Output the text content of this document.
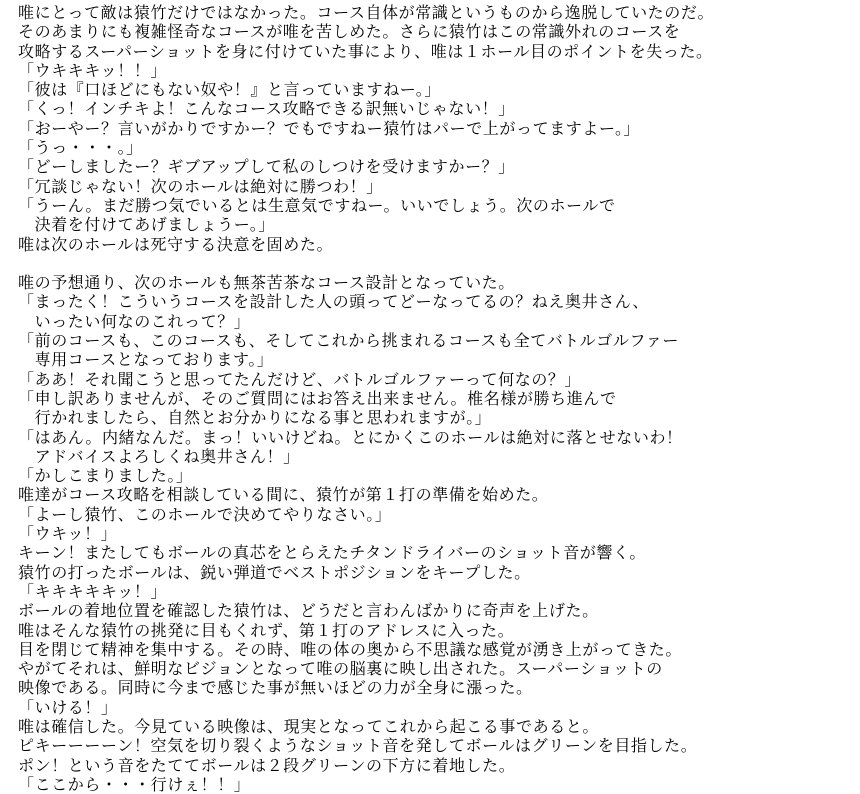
唯にとって敵は猿竹だけではなかった。コース自体が常識というものから逸脱していたのだ。
そのあまりにも複雑怪奇なコースが唯を苦しめた。さらに猿竹はこの常識外れのコースを
攻略するスーパーショットを身に付けていた事により、唯は１ホール目のポイントを失った。
「ウキキキッ！！」
「彼は『口ほどにもない奴や！』と言っていますねー。」
「くっ！インチキよ！こんなコース攻略できる訳無いじゃない！」
「おーやー？言いがかりですかー？でもですねー猿竹はパーで上がってますよー。」
「うっ・・・。」
「どーしましたー？ギブアップして私のしつけを受けますかー？」
「冗談じゃない！次のホールは絶対に勝つわ！」
「うーん。まだ勝つ気でいるとは生意気ですねー。いいでしょう。次のホールで
　決着を付けてあげましょうー。」
唯は次のホールは死守する決意を固めた。
唯の予想通り、次のホールも無茶苦茶なコース設計となっていた。
「まったく！こういうコースを設計した人の頭ってどーなってるの？ねえ奥井さん、
　いったい何なのこれって？」
「前のコースも、このコースも、そしてこれから挑まれるコースも全てバトルゴルファー
　専用コースとなっております。」
「ああ！それ聞こうと思ってたんだけど、バトルゴルファーって何なの？」
「申し訳ありませんが、そのご質問にはお答え出来ません。椎名様が勝ち進んで
　行かれましたら、自然とお分かりになる事と思われますが。」
「はあん。内緒なんだ。まっ！いいけどね。とにかくこのホールは絶対に落とせないわ！
　アドバイスよろしくね奥井さん！」
「かしこまりました。」
唯達がコース攻略を相談している間に、猿竹が第１打の準備を始めた。
「よーし猿竹、このホールで決めてやりなさい。」
「ウキッ！」
キーン！またしてもボールの真芯をとらえたチタンドライバーのショット音が響く。
猿竹の打ったボールは、鋭い弾道でベストポジションをキープした。
「キキキキキッ！」
ボールの着地位置を確認した猿竹は、どうだと言わんばかりに奇声を上げた。
唯はそんな猿竹の挑発に目もくれず、第１打のアドレスに入った。
目を閉じて精神を集中する。その時、唯の体の奥から不思議な感覚が湧き上がってきた。
やがてそれは、鮮明なビジョンとなって唯の脳裏に映し出された。スーパーショットの
映像である。同時に今まで感じた事が無いほどの力が全身に漲った。
「いける！」
唯は確信した。今見ている映像は、現実となってこれから起こる事であると。
ピキーーーーン！空気を切り裂くようなショット音を発してボールはグリーンを目指した。
ポン！という音をたててボールは２段グリーンの下方に着地した。
「ここから・・・行けぇ！！」
